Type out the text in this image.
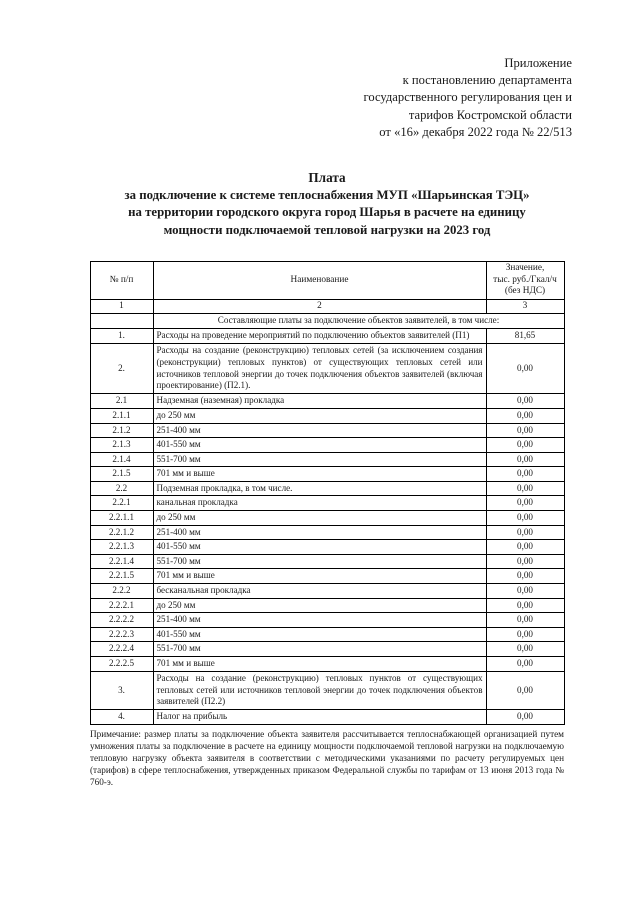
Приложение
к постановлению департамента
государственного регулирования цен и
тарифов Костромской области
от «16» декабря 2022 года № 22/513
Плата
за подключение к системе теплоснабжения МУП «Шарьинская ТЭЦ»
на территории городского округа город Шарья в расчете на единицу
мощности подключаемой тепловой нагрузки на 2023 год
№ п/п	Наименование	Значение,
тыс. руб./Гкал/ч
(без НДС)
1	2	3
	Составляющие платы за подключение объектов заявителей, в том числе:	
1.	Расходы на проведение мероприятий по подключению объектов заявителей (П1)	81,65
2.	Расходы на создание (реконструкцию) тепловых сетей (за исключением создания (реконструкции) тепловых пунктов) от существующих тепловых сетей или источников тепловой энергии до точек подключения объектов заявителей (включая проектирование) (П2.1).	0,00
2.1	Надземная (наземная) прокладка	0,00
2.1.1	до 250 мм	0,00
2.1.2	251-400 мм	0,00
2.1.3	401-550 мм	0,00
2.1.4	551-700 мм	0,00
2.1.5	701 мм и выше	0,00
2.2	Подземная прокладка, в том числе.	0,00
2.2.1	канальная прокладка	0,00
2.2.1.1	до 250 мм	0,00
2.2.1.2	251-400 мм	0,00
2.2.1.3	401-550 мм	0,00
2.2.1.4	551-700 мм	0,00
2.2.1.5	701 мм и выше	0,00
2.2.2	бесканальная прокладка	0,00
2.2.2.1	до 250 мм	0,00
2.2.2.2	251-400 мм	0,00
2.2.2.3	401-550 мм	0,00
2.2.2.4	551-700 мм	0,00
2.2.2.5	701 мм и выше	0,00
3.	Расходы на создание (реконструкцию) тепловых пунктов от существующих тепловых сетей или источников тепловой энергии до точек подключения объектов заявителей (П2.2)	0,00
4.	Налог на прибыль	0,00
Примечание: размер платы за подключение объекта заявителя рассчитывается теплоснабжающей организацией путем умножения платы за подключение в расчете на единицу мощности подключаемой тепловой нагрузки на подключаемую тепловую нагрузку объекта заявителя в соответствии с методическими указаниями по расчету регулируемых цен (тарифов) в сфере теплоснабжения, утвержденных приказом Федеральной службы по тарифам от 13 июня 2013 года № 760-э.
